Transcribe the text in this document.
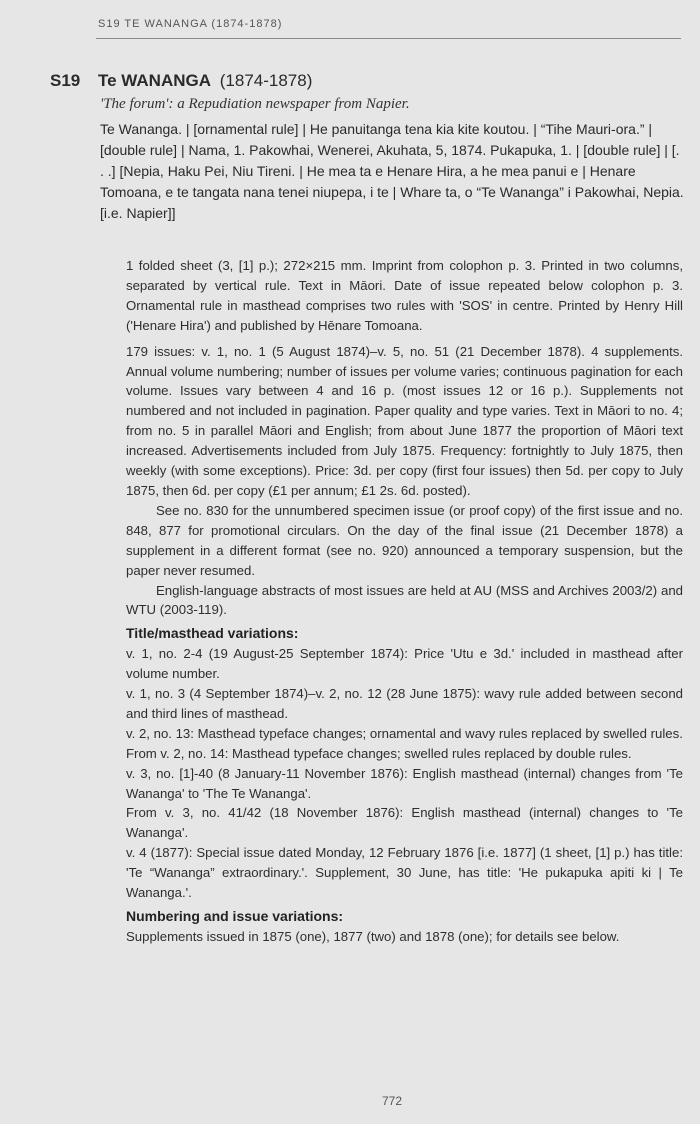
S19 TE WANANGA (1874-1878)
S19 Te WANANGA (1874-1878)
'The forum': a Repudiation newspaper from Napier.

Te Wananga. | [ornamental rule] | He panuitanga tena kia kite koutou. | “Tihe Mauri-ora.” | [double rule] | Nama, 1. Pakowhai, Wenerei, Akuhata, 5, 1874. Pukapuka, 1. | [double rule] | [. . .] [Nepia, Haku Pei, Niu Tireni. | He mea ta e Henare Hira, a he mea panui e | Henare Tomoana, e te tangata nana tenei niupepa, i te | Whare ta, o “Te Wananga” i Pakowhai, Nepia. [i.e. Napier]]

1 folded sheet (3, [1] p.); 272×215 mm. Imprint from colophon p. 3. Printed in two columns, separated by vertical rule. Text in Māori. Date of issue repeated below colophon p. 3. Ornamental rule in masthead comprises two rules with 'SOS' in centre. Printed by Henry Hill ('Henare Hira') and published by Hēnare Tomoana.

179 issues: v. 1, no. 1 (5 August 1874)–v. 5, no. 51 (21 December 1878). 4 supplements. Annual volume numbering; number of issues per volume varies; continuous pagination for each volume. Issues vary between 4 and 16 p. (most issues 12 or 16 p.). Supplements not numbered and not included in pagination. Paper quality and type varies. Text in Māori to no. 4; from no. 5 in parallel Māori and English; from about June 1877 the proportion of Māori text increased. Advertisements included from July 1875. Frequency: fortnightly to July 1875, then weekly (with some exceptions). Price: 3d. per copy (first four issues) then 5d. per copy to July 1875, then 6d. per copy (£1 per annum; £1 2s. 6d. posted).

See no. 830 for the unnumbered specimen issue (or proof copy) of the first issue and no. 848, 877 for promotional circulars. On the day of the final issue (21 December 1878) a supplement in a different format (see no. 920) announced a temporary suspension, but the paper never resumed.

English-language abstracts of most issues are held at AU (MSS and Archives 2003/2) and WTU (2003-119).

Title/masthead variations:

v. 1, no. 2-4 (19 August-25 September 1874): Price 'Utu e 3d.' included in masthead after volume number.

v. 1, no. 3 (4 September 1874)–v. 2, no. 12 (28 June 1875): wavy rule added between second and third lines of masthead.

v. 2, no. 13: Masthead typeface changes; ornamental and wavy rules replaced by swelled rules.

From v. 2, no. 14: Masthead typeface changes; swelled rules replaced by double rules.

v. 3, no. [1]-40 (8 January-11 November 1876): English masthead (internal) changes from 'Te Wananga' to 'The Te Wananga'.

From v. 3, no. 41/42 (18 November 1876): English masthead (internal) changes to 'Te Wananga'.

v. 4 (1877): Special issue dated Monday, 12 February 1876 [i.e. 1877] (1 sheet, [1] p.) has title: 'Te “Wananga” extraordinary.'. Supplement, 30 June, has title: 'He pukapuka apiti ki | Te Wananga.'.

Numbering and issue variations:

Supplements issued in 1875 (one), 1877 (two) and 1878 (one); for details see below.

772
